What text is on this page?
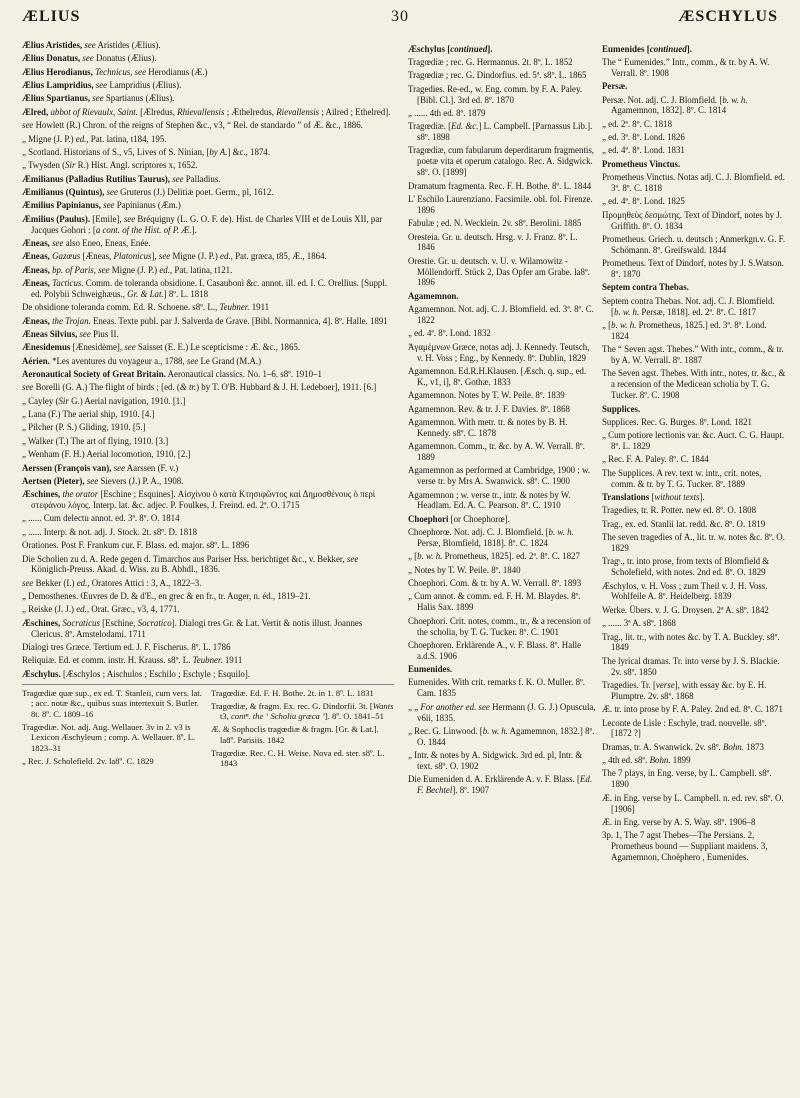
ÆLIUS	30	ÆSCHYLUS
Ælius Aristides, see Aristides (Ælius).
Ælius Donatus, see Donatus (Ælius).
Ælius Herodianus, Technicus, see Herodianus (Æ.)
Ælius Lampridius, see Lampridius (Ælius).
Ælius Spartianus, see Spartianus (Ælius).
Ælred, abbot of Rievaulx, Saint. [Ælredus, Rhievallensis ; Æthelredus, Rievallensis ; Ailred ; Ethelred].
see Howlett (R.) Chron. of the reigns of Stephen &c., v3, “ Rel. de standardo ” of Æ. &c., 1886.
„ Migne (J. P.) ed., Pat. latina, t184, 195.
„ Scotland. Historians of S., v5, Lives of S. Ninian, [by A.] &c., 1874.
„ Twysden (Sir R.) Hist. Angl. scriptores x, 1652.
Æmilianus (Palladius Rutilius Taurus), see Palladius.
Æmilianus (Quintus), see Gruterus (J.) Delitiæ poet. Germ., pl, 1612.
Æmilius Papinianus, see Papinianus (Æm.)
Æmilius (Paulus). [Emile], see Bréquigny (L. G. O. F. de). Hist. de Charles VIII et de Louis XII, par Jacques Gohori : [a cont. of the Hist. of P. Æ.].
Æneas, see also Eneo, Eneas, Enée.
Æneas, Gazœus [Æneas, Platonicus], see Migne (J. P.) ed., Pat. græca, t85, Æ., 1864.
Æneas, bp. of Paris, see Migne (J. P.) ed., Pat. latina, t121.
Æneas, Tacticus. Comm. de toleranda obsidione. I. Casaubonì &c. annot. ill. ed. I. C. Orellius. [Suppl. ed. Polybii Schweighæus., Gr. & Lat.] 8º. L. 1818
De obsidione toleranda comm. Ed. R. Schoene. s8º. L., Teubner. 1911
Æneas, the Trojan. Eneas. Texte publ. par J. Salverda de Grave. [Bibl. Normannica, 4]. 8º. Halle. 1891
Æneas Silvius, see Pius II.
Ænesidemus [Ænesidème], see Saisset (E. E.) Le scepticisme : Æ. &c., 1865.
Aérien. *Les aventures du voyageur a., 1788, see Le Grand (M.A.)
Aeronautical Society of Great Britain. Aeronautical classics. No. 1–6. s8º. 1910–1
see Borelli (G. A.) The flight of birds ; [ed. (& tr.) by T. O'B. Hubbard & J. H. Ledeboer], 1911. [6.]
„ Cayley (Sir G.) Aerial navigation, 1910. [1.]
„ Lana (F.) The aerial ship, 1910. [4.]
„ Pilcher (P. S.) Gliding, 1910. [5.]
„ Walker (T.) The art of flying, 1910. [3.]
„ Wenham (F. H.) Aerial locomotion, 1910. [2.]
Aerssen (François van), see Aarssen (F. v.)
Aertsen (Pieter), see Sievers (J.) P. A., 1908.
Æschines, the orator [Eschine ; Esquines]. Αἰσχίνου ὁ κατὰ Κτησιφῶντος καὶ Δημοσθένους ὁ περὶ στεφάνου λόγος. Interp. lat. &c. adjec. P. Foulkes, J. Freind. ed. 2ª. O. 1715
„ ...... Cum delectu annot. ed. 3ª. 8º. O. 1814
„ ...... Interp. & not. adj. J. Stock. 2t. s8º. D. 1818
Orationes. Post F. Frankum cur. F. Blass. ed. major. s8º. L. 1896
Die Scholien zu d. A. Rede gegen d. Timarchos aus Pariser Hss. berichtiget &c., v. Bekker, see Königlich-Preuss. Akad. d. Wiss. zu B. Abhdl., 1836.
see Bekker (I.) ed., Oratores Attici : 3, A., 1822–3.
„ Demosthenes. Œuvres de D. & d'E., en grec & en fr., tr. Auger, n. éd., 1819–21.
„ Reiske (J. J.) ed., Orat. Græc., v3, 4, 1771.
Æschines, Socraticus [Eschine, Socratico]. Dialogi tres Gr. & Lat. Vertit & notis illust. Joannes Clericus. 8º. Amstelodami. 1711
Dialogi tres Græce. Tertium ed. J. F. Fischerus. 8º. L. 1786
Reliquiæ. Ed. et comm. instr. H. Krauss. s8º. L. Teubner. 1911
Æschylus. [Æschylos ; Aischulos ; Eschilo ; Eschyle ; Esquilo].
Tragœdiæ quæ sup., ex ed. T. Stanleii, cum vers. lat. ; acc. notæ &c., quibus suas intertexuit S. Butler. 8t. 8º. C. 1809–16
Tragœdiæ. Not. adj. Aug. Wellauer. 3v in 2. v3 is Lexicon Æschyleum ; comp. A. Wellauer. 8º. L. 1823–31
„ Rec. J. Scholefield. 2v. la8º. C. 1829
Tragœdiæ. Ed. F. H. Bothe. 2t. in 1. 8º. L. 1831
Tragœdiæ, & fragm. Ex. rec. G. Dindorfii. 3t. [Wants t3, contⁿ. the ‘ Scholia græca ’]. 8º. O. 1841–51
Æ. & Sophoclis tragœdiæ & fragm. [Gr. & Lat.]. la8º. Parisiis. 1842
Tragœdiæ. Rec. C. H. Weise. Nova ed. ster. s8º. L. 1843
Æschylus [continued].
Tragœdiæ ; rec. G. Hermannus. 2t. 8º. L. 1852
Tragœdiæ ; rec. G. Dindorfius. ed. 5ª. s8º. L. 1865
Tragedies. Re-ed., w. Eng. comm. by F. A. Paley. [Bibl. Cl.]. 3rd ed. 8º. 1870
„ ...... 4th ed. 8º. 1879
Tragœdiæ. [Ed. &c.] L. Campbell. [Parnassus Lib.]. s8º. 1898
Tragœdiæ, cum fabularum deperditarum fragmentis, poetæ vita et operum catalogo. Rec. A. Sidgwick. s8º. O. [1899]
Dramatum fragmenta. Rec. F. H. Bothe. 8º. L. 1844
L' Eschilo Laurenziano. Facsimile. obl. fol. Firenze. 1896
Fabulæ ; ed. N. Wecklein. 2v. s8º. Berolini. 1885
Oresteia. Gr. u. deutsch. Hrsg. v. J. Franz. 8º. L. 1846
Orestie. Gr. u. deutsch. v. U. v. Wilamowitz - Möllendorff. Stück 2, Das Opfer am Grabe. la8º. 1896
Agamemnon.
Agamemnon. Not. adj. C. J. Blomfield. ed. 3ª. 8º. C. 1822
„ ed. 4ª. 8º. Lond. 1832
Ἀγαμέμνων Græce, notas adj. J. Kennedy. Teutsch, v. H. Voss ; Eng., by Kennedy. 8º. Dublin, 1829
Agamemnon. Ed.R.H.Klausen. [Æsch. q. sup., ed. K., v1, i], 8º. Gothæ. 1833
Agamemnon. Notes by T. W. Peile. 8º. 1839
Agamemnon. Rev. & tr. J. F. Davies. 8º. 1868
Agamemnon. With metr. tr. & notes by B. H. Kennedy. s8º. C. 1878
Agamemnon. Comm., tr. &c. by A. W. Verrall. 8º. 1889
Agamemnon as performed at Cambridge, 1900 ; w. verse tr. by Mrs A. Swanwick. s8º. C. 1900
Agamemnon ; w. verse tr., intr. & notes by W. Headlam. Ed. A. C. Pearson. 8º. C. 1910
Choephori [or Choephorœ].
Choephorœ. Not. adj. C. J. Blomfield. [b. w. h. Persæ, Blomfield, 1818]. 8º. C. 1824
„ [b. w. h. Prometheus, 1825]. ed. 2ª. 8º. C. 1827
„ Notes by T. W. Peile. 8º. 1840
Choephori. Com. & tr. by A. W. Verrall. 8º. 1893
„ Cum annot. & comm. ed. F. H. M. Blaydes. 8º. Halis Sax. 1899
Choephori. Crit. notes, comm., tr., & a recension of the scholia, by T. G. Tucker. 8º. C. 1901
Choephoren. Erklärende A., v. F. Blass. 8º. Halle a.d.S. 1906
Eumenides.
Eumenides. With crit. remarks f. K. O. Muller. 8º. Cam. 1835
„ „ For another ed. see Hermann (J. G. J.) Opuscula, v6ii, 1835.
„ Rec. G. Linwood. [b. w. h. Agamemnon, 1832.] 8º. O. 1844
„ Intr. & notes by A. Sidgwick. 3rd ed. pl, Intr. & text. s8º. O. 1902
Die Eumeniden d. A. Erklärende A. v. F. Blass. [Ed. F. Bechtel]. 8º. 1907
Eumenides [continued].
The “ Eumenides.” Intr., comm., & tr. by A. W. Verrall. 8º. 1908
Persæ.
Persæ. Not. adj. C. J. Blomfield. [b. w. h. Agamemnon, 1832]. 8º. C. 1814
„ ed. 2ª. 8º. C. 1818
„ ed. 3ª. 8º. Lond. 1826
„ ed. 4ª. 8º. Lond. 1831
Prometheus Vinctus.
Prometheus Vinctus. Notas adj. C. J. Blomfield. ed. 3ª. 8º. C. 1818
„ ed. 4ª. 8º. Lond. 1825
Προμηθεὺς δεσμώτης. Text of Dindorf, notes by J. Griffith. 8º. O. 1834
Prometheus. Griech. u. deutsch ; Anmerkgn.v. G. F. Schömann. 8º. Greifswald. 1844
Prometheus. Text of Dindorf, notes by J. S.Watson. 8º. 1870
Septem contra Thebas.
Septem contra Thebas. Not. adj. C. J. Blomfield. [b. w. h. Persæ, 1818]. ed. 2ª. 8º. C. 1817
„ [b. w. h. Prometheus, 1825.] ed. 3ª. 8º. Lond. 1824
The “ Seven agst. Thebes.” With intr., comm., & tr. by A. W. Verrall. 8º. 1887
The Seven agst. Thebes. With intr., notes, tr. &c., & a recension of the Medicean scholia by T. G. Tucker. 8º. C. 1908
Supplices.
Supplices. Rec. G. Burges. 8º. Lond. 1821
„ Cum potiore lectionis var. &c. Auct. C. G. Haupt. 8º. L. 1829
„ Rec. F. A. Paley. 8º. C. 1844
The Supplices. A rev. text w. intr., crit. notes, comm. & tr. by T. G. Tucker. 8º. 1889
Translations [without texts].
Tragedies, tr. R. Potter. new ed. 8º. O. 1808
Trag., ex. ed. Stanlii lat. redd. &c. 8º. O. 1819
The seven tragedies of A., lit. tr. w. notes &c. 8º. O. 1829
Tragˢ., tr. into prose, from texts of Blomfield & Scholefield, with notes. 2nd ed. 8º. O. 1829
Æschylos, v. H. Voss ; zum Theil v. J. H. Voss. Wohlfeile A. 8º. Heidelberg. 1839
Werke. Übers. v. J. G. Droysen. 2ª A. s8º. 1842
„ ...... 3ª A. s8º. 1868
Trag., lit. tr., with notes &c. by T. A. Buckley. s8º. 1849
The lyrical dramas. Tr. into verse by J. S. Blackie. 2v. s8º. 1850
Tragedies. Tr. [verse], with essay &c. by E. H. Plumptre. 2v. s8º. 1868
Æ. tr. into prose by F. A. Paley. 2nd ed. 8º. C. 1871
Leconte de Lisle : Eschyle, trad. nouvelle. s8º. [1872 ?]
Dramas, tr. A. Swanwick. 2v. s8º. Bohn. 1873
„ 4th ed. s8º. Bohn. 1899
The 7 plays, in Eng. verse, by L. Campbell. s8º. 1890
Æ. in Eng. verse by L. Campbell. n. ed. rev. s8º. O. [1906]
Æ. in Eng. verse by A. S. Way. s8º. 1906–8
3p. 1, The 7 agst Thebes—The Persians. 2, Prometheus bound — Suppliant maidens. 3, Agamemnon, Choëphero , Eumenides.
